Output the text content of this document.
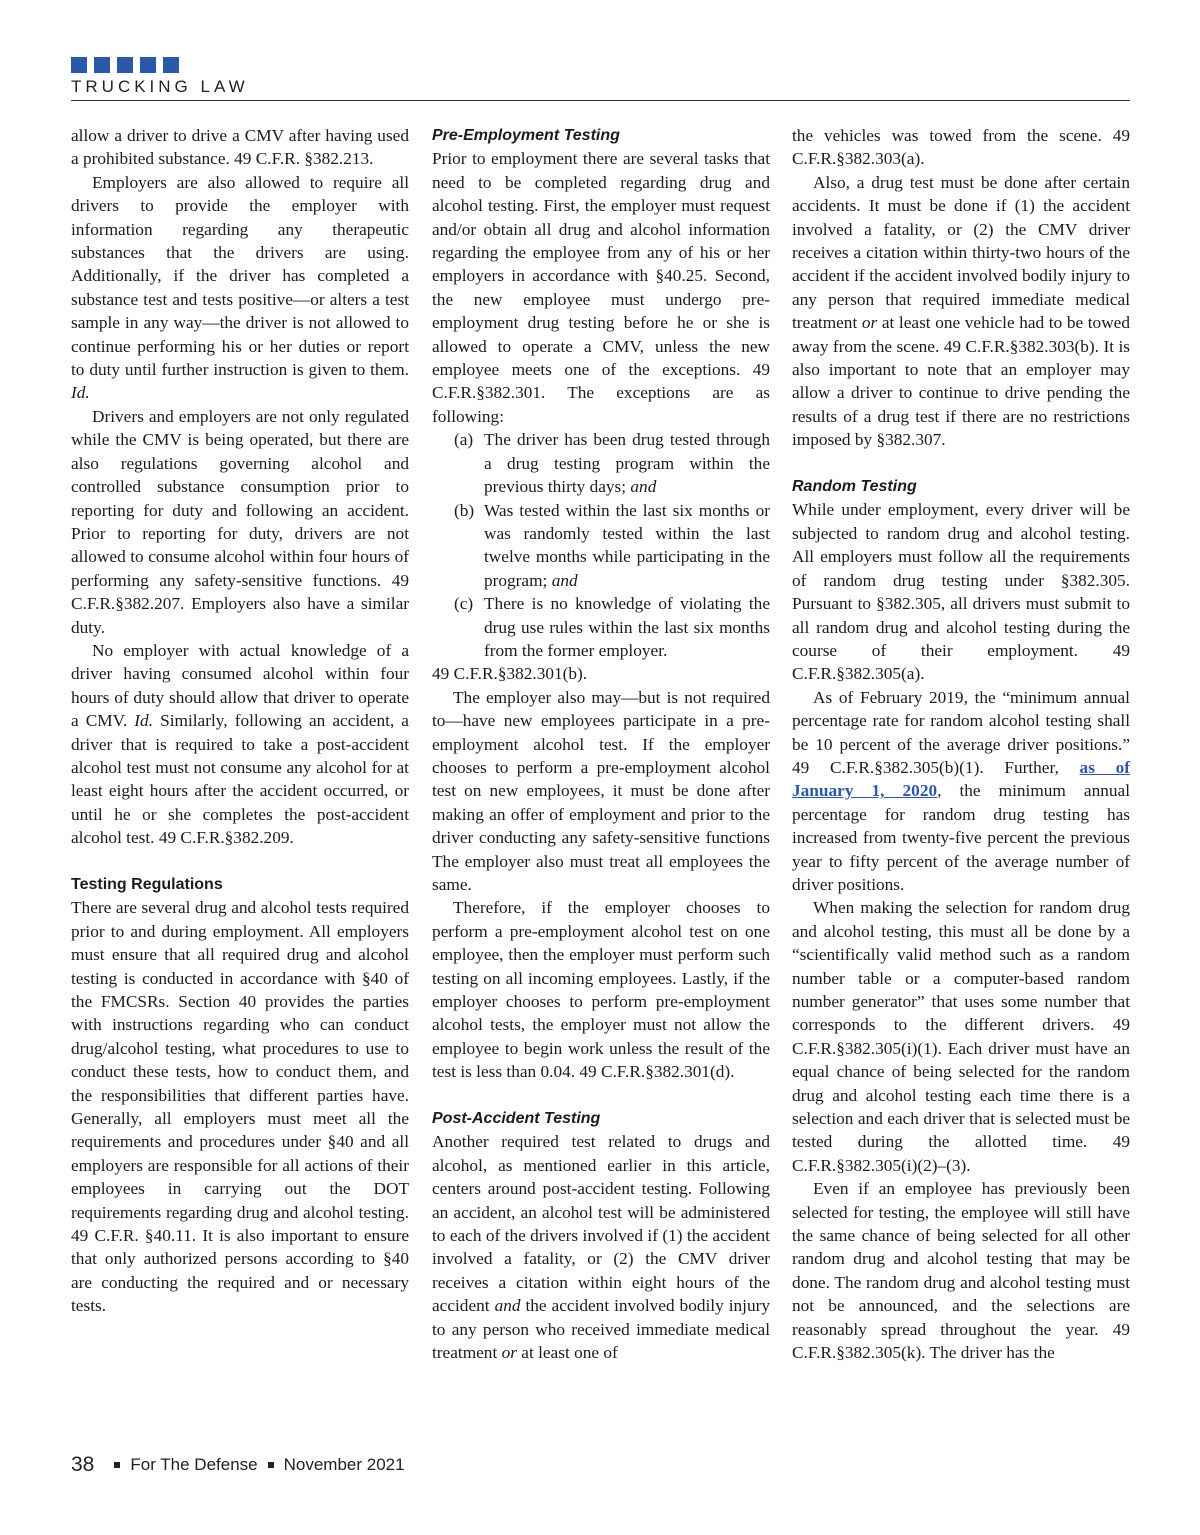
TRUCKING LAW

allow a driver to drive a CMV after having used a prohibited substance. 49 C.F.R. §382.213.

Employers are also allowed to require all drivers to provide the employer with information regarding any therapeutic substances that the drivers are using. Additionally, if the driver has completed a substance test and tests positive—or alters a test sample in any way—the driver is not allowed to continue performing his or her duties or report to duty until further instruction is given to them. Id.

Drivers and employers are not only regulated while the CMV is being operated, but there are also regulations governing alcohol and controlled substance consumption prior to reporting for duty and following an accident. Prior to reporting for duty, drivers are not allowed to consume alcohol within four hours of performing any safety-sensitive functions. 49 C.F.R.§382.207. Employers also have a similar duty.

No employer with actual knowledge of a driver having consumed alcohol within four hours of duty should allow that driver to operate a CMV. Id. Similarly, following an accident, a driver that is required to take a post-accident alcohol test must not consume any alcohol for at least eight hours after the accident occurred, or until he or she completes the post-accident alcohol test. 49 C.F.R.§382.209.

Testing Regulations

There are several drug and alcohol tests required prior to and during employment. All employers must ensure that all required drug and alcohol testing is conducted in accordance with §40 of the FMCSRs. Section 40 provides the parties with instructions regarding who can conduct drug/alcohol testing, what procedures to use to conduct these tests, how to conduct them, and the responsibilities that different parties have. Generally, all employers must meet all the requirements and procedures under §40 and all employers are responsible for all actions of their employees in carrying out the DOT requirements regarding drug and alcohol testing. 49 C.F.R. §40.11. It is also important to ensure that only authorized persons according to §40 are conducting the required and or necessary tests.

Pre-Employment Testing

Prior to employment there are several tasks that need to be completed regarding drug and alcohol testing. First, the employer must request and/or obtain all drug and alcohol information regarding the employee from any of his or her employers in accordance with §40.25. Second, the new employee must undergo pre-employment drug testing before he or she is allowed to operate a CMV, unless the new employee meets one of the exceptions. 49 C.F.R.§382.301. The exceptions are as following:

(a) The driver has been drug tested through a drug testing program within the previous thirty days; and
(b) Was tested within the last six months or was randomly tested within the last twelve months while participating in the program; and
(c) There is no knowledge of violating the drug use rules within the last six months from the former employer.

49 C.F.R.§382.301(b).

The employer also may—but is not required to—have new employees participate in a pre-employment alcohol test. If the employer chooses to perform a pre-employment alcohol test on new employees, it must be done after making an offer of employment and prior to the driver conducting any safety-sensitive functions The employer also must treat all employees the same.

Therefore, if the employer chooses to perform a pre-employment alcohol test on one employee, then the employer must perform such testing on all incoming employees. Lastly, if the employer chooses to perform pre-employment alcohol tests, the employer must not allow the employee to begin work unless the result of the test is less than 0.04. 49 C.F.R.§382.301(d).

Post-Accident Testing

Another required test related to drugs and alcohol, as mentioned earlier in this article, centers around post-accident testing. Following an accident, an alcohol test will be administered to each of the drivers involved if (1) the accident involved a fatality, or (2) the CMV driver receives a citation within eight hours of the accident and the accident involved bodily injury to any person who received immediate medical treatment or at least one of

the vehicles was towed from the scene. 49 C.F.R.§382.303(a).

Also, a drug test must be done after certain accidents. It must be done if (1) the accident involved a fatality, or (2) the CMV driver receives a citation within thirty-two hours of the accident if the accident involved bodily injury to any person that required immediate medical treatment or at least one vehicle had to be towed away from the scene. 49 C.F.R.§382.303(b). It is also important to note that an employer may allow a driver to continue to drive pending the results of a drug test if there are no restrictions imposed by §382.307.

Random Testing

While under employment, every driver will be subjected to random drug and alcohol testing. All employers must follow all the requirements of random drug testing under §382.305. Pursuant to §382.305, all drivers must submit to all random drug and alcohol testing during the course of their employment. 49 C.F.R.§382.305(a).

As of February 2019, the “minimum annual percentage rate for random alcohol testing shall be 10 percent of the average driver positions.” 49 C.F.R.§382.305(b)(1). Further, as of January 1, 2020, the minimum annual percentage for random drug testing has increased from twenty-five percent the previous year to fifty percent of the average number of driver positions.

When making the selection for random drug and alcohol testing, this must all be done by a “scientifically valid method such as a random number table or a computer-based random number generator” that uses some number that corresponds to the different drivers. 49 C.F.R.§382.305(i)(1). Each driver must have an equal chance of being selected for the random drug and alcohol testing each time there is a selection and each driver that is selected must be tested during the allotted time. 49 C.F.R.§382.305(i)(2)–(3).

Even if an employee has previously been selected for testing, the employee will still have the same chance of being selected for all other random drug and alcohol testing that may be done. The random drug and alcohol testing must not be announced, and the selections are reasonably spread throughout the year. 49 C.F.R.§382.305(k). The driver has the

38 For The Defense November 2021
